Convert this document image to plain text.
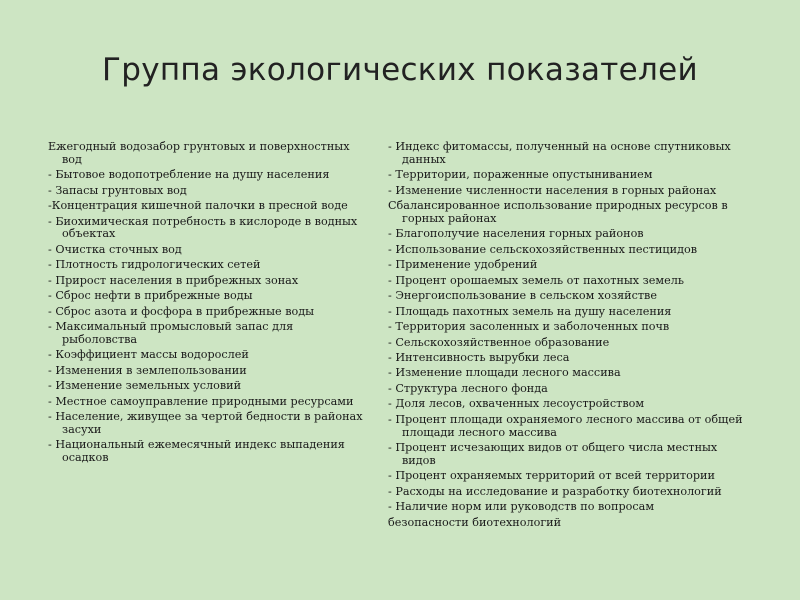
Группа экологических показателей
Ежегодный водозабор грунтовых и поверхностных вод
- Бытовое водопотребление на душу населения
- Запасы грунтовых вод
-Концентрация кишечной палочки в пресной воде
- Биохимическая потребность в кислороде в водных объектах
- Очистка сточных вод
- Плотность гидрологических сетей
- Прирост населения в прибрежных зонах
- Сброс нефти в прибрежные воды
- Сброс азота и фосфора в прибрежные воды
- Максимальный промысловый запас для рыболовства
- Коэффициент массы водорослей
- Изменения в землепользовании
- Изменение земельных условий
- Местное самоуправление природными ресурсами
- Население, живущее за чертой бедности в районах засухи
- Национальный ежемесячный индекс выпадения осадков
- Индекс фитомассы, полученный на основе спутниковых данных
- Территории, пораженные опустыниванием
- Изменение численности населения в горных районах
Сбалансированное использование природных ресурсов в горных районах
- Благополучие населения горных районов
- Использование сельскохозяйственных пестицидов
- Применение удобрений
- Процент орошаемых земель от пахотных земель
- Энергоиспользование в сельском хозяйстве
- Площадь пахотных земель на душу населения
- Территория засоленных и заболоченных почв
- Сельскохозяйственное образование
- Интенсивность вырубки леса
- Изменение площади лесного массива
- Структура лесного фонда
- Доля лесов, охваченных лесоустройством
- Процент площади охраняемого лесного массива от общей площади лесного массива
- Процент исчезающих видов от общего числа местных видов
- Процент охраняемых территорий от всей территории
- Расходы на исследование и разработку биотехнологий
- Наличие норм или руководств по вопросам
безопасности биотехнологий
